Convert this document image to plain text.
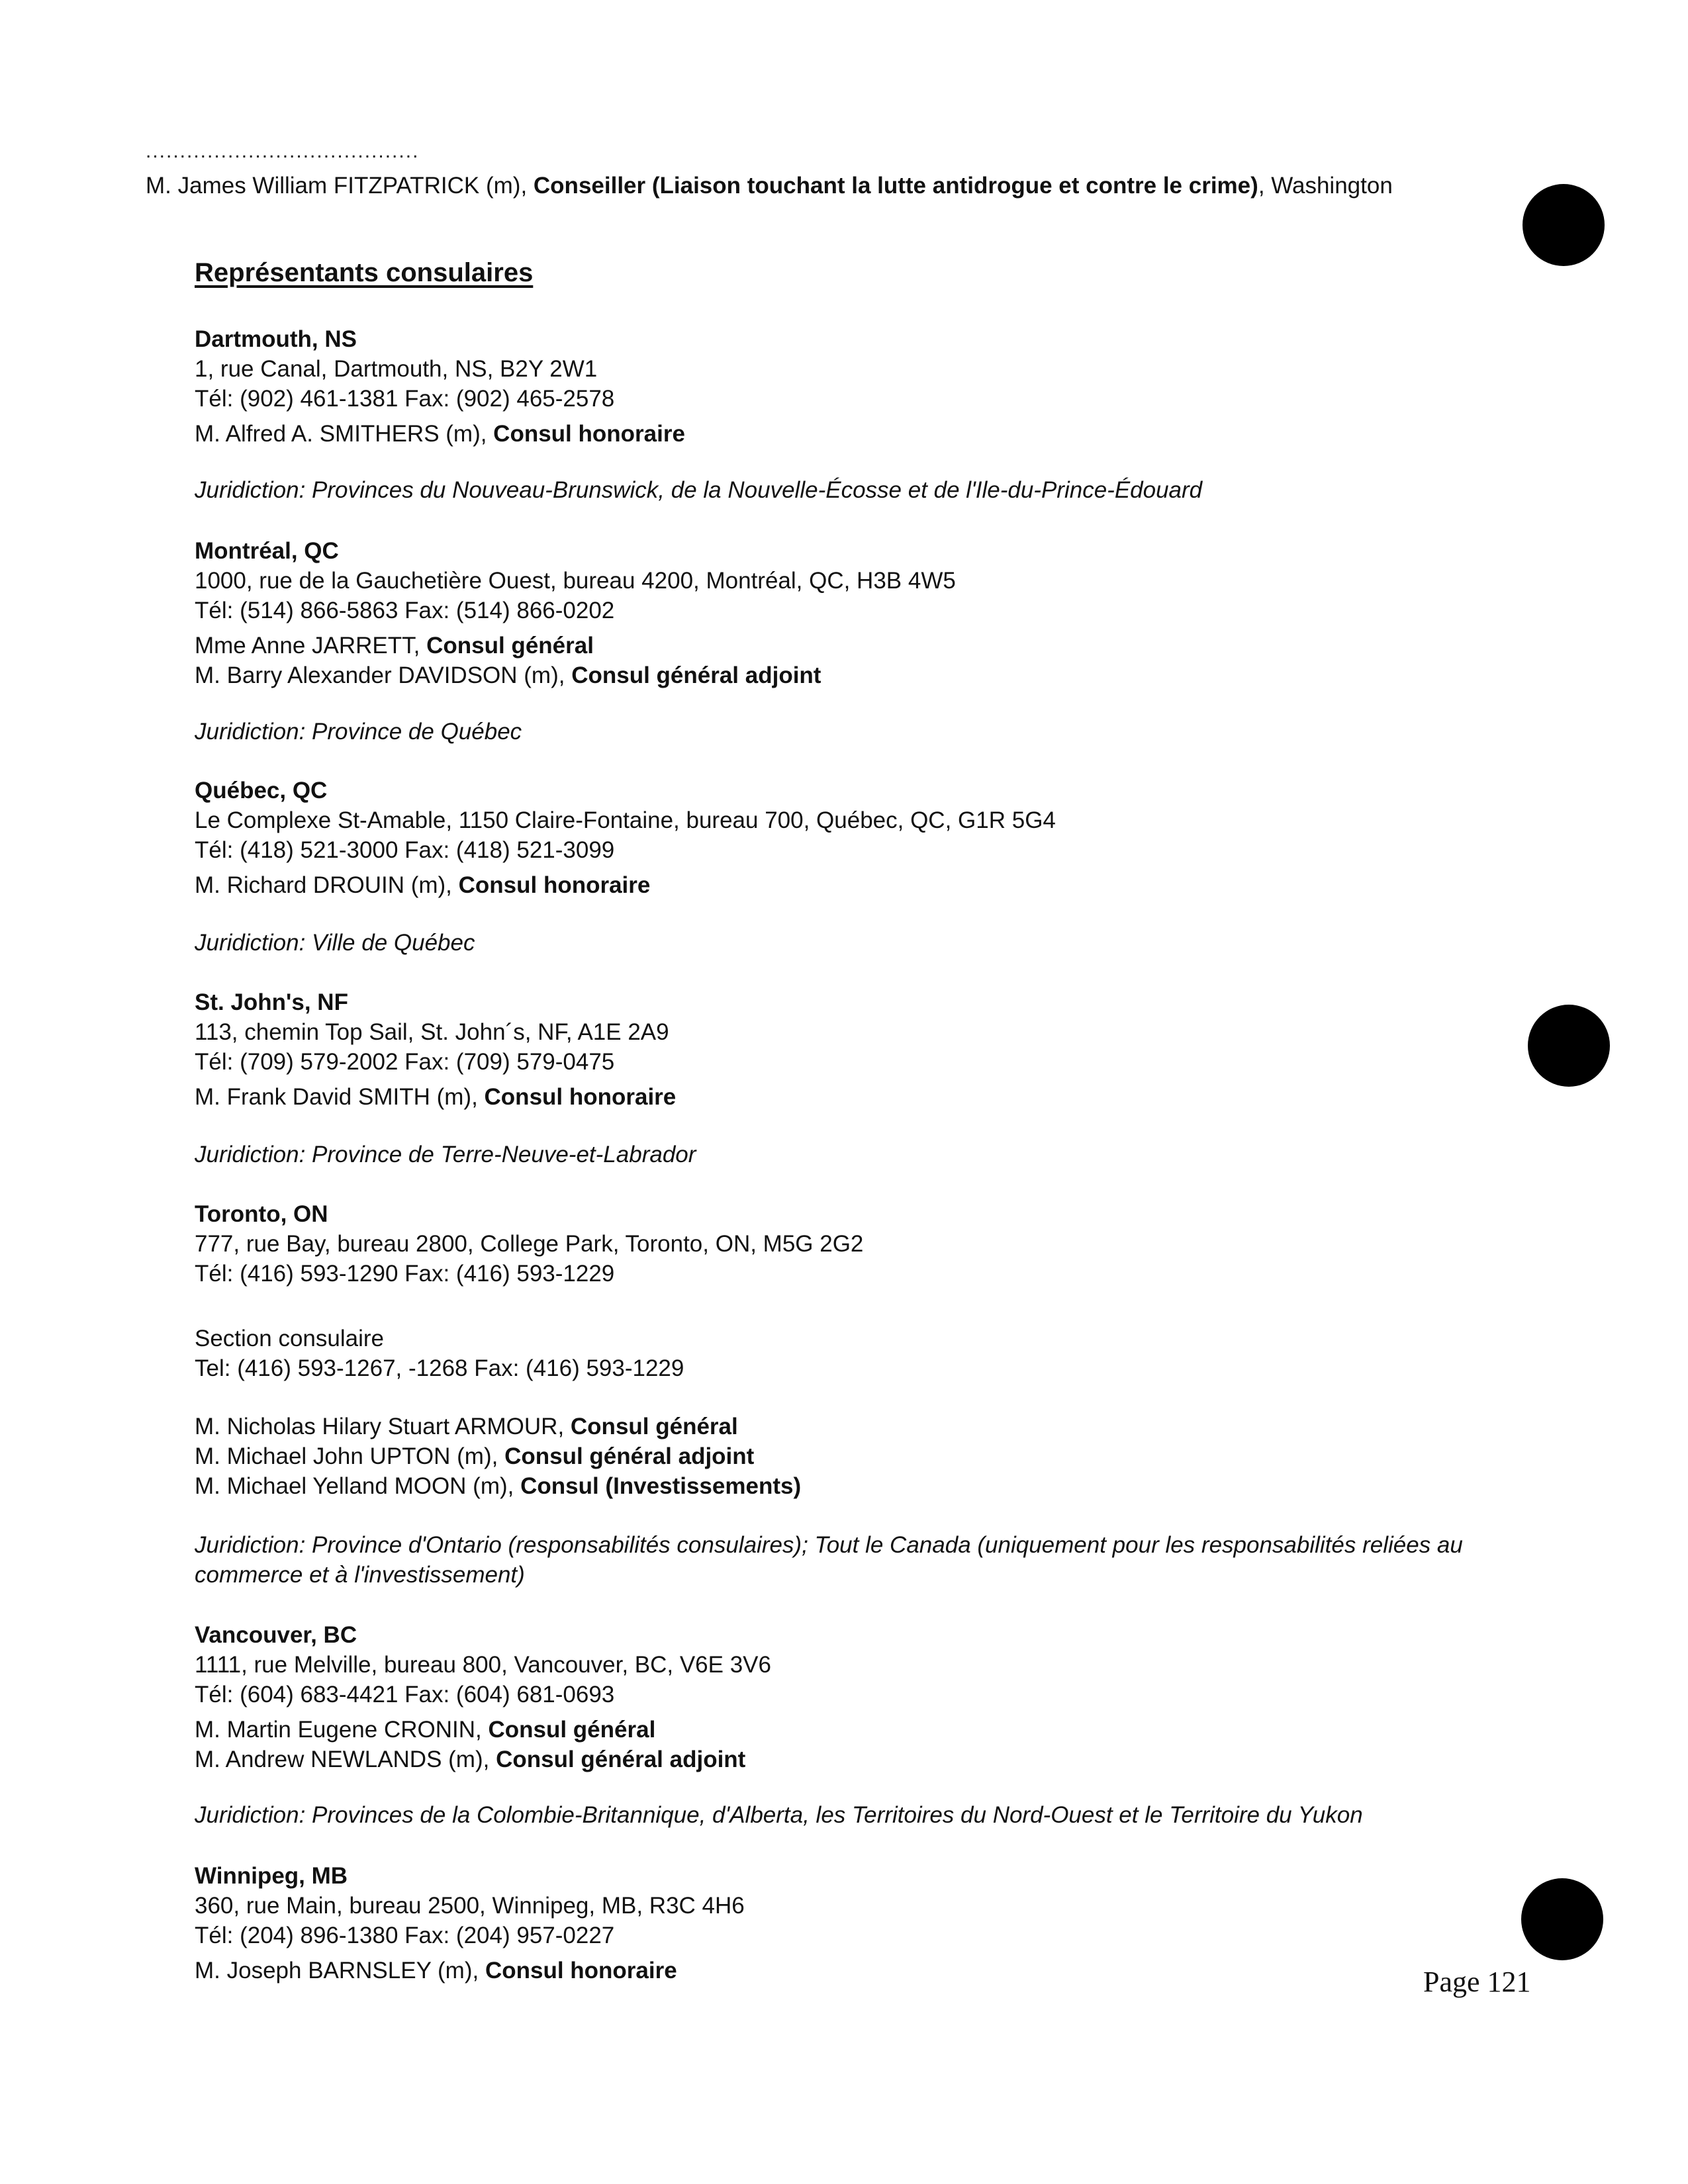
........................................
M. James William FITZPATRICK (m), Conseiller (Liaison touchant la lutte antidrogue et contre le crime), Washington
Représentants consulaires
Dartmouth, NS
1, rue Canal, Dartmouth, NS, B2Y 2W1
Tél: (902) 461-1381 Fax: (902) 465-2578
M. Alfred A. SMITHERS (m), Consul honoraire
Juridiction: Provinces du Nouveau-Brunswick, de la Nouvelle-Écosse et de l'Ile-du-Prince-Édouard
Montréal, QC
1000, rue de la Gauchetière Ouest, bureau 4200, Montréal, QC, H3B 4W5
Tél: (514) 866-5863 Fax: (514) 866-0202
Mme Anne JARRETT, Consul général
M. Barry Alexander DAVIDSON (m), Consul général adjoint
Juridiction: Province de Québec
Québec, QC
Le Complexe St-Amable, 1150 Claire-Fontaine, bureau 700, Québec, QC, G1R 5G4
Tél: (418) 521-3000 Fax: (418) 521-3099
M. Richard DROUIN (m), Consul honoraire
Juridiction: Ville de Québec
St. John's, NF
113, chemin Top Sail, St. John´s, NF, A1E 2A9
Tél: (709) 579-2002 Fax: (709) 579-0475
M. Frank David SMITH (m), Consul honoraire
Juridiction: Province de Terre-Neuve-et-Labrador
Toronto, ON
777, rue Bay, bureau 2800, College Park, Toronto, ON, M5G 2G2
Tél: (416) 593-1290 Fax: (416) 593-1229
Section consulaire
Tel: (416) 593-1267, -1268 Fax: (416) 593-1229
M. Nicholas Hilary Stuart ARMOUR, Consul général
M. Michael John UPTON (m), Consul général adjoint
M. Michael Yelland MOON (m), Consul (Investissements)
Juridiction: Province d'Ontario (responsabilités consulaires); Tout le Canada (uniquement pour les responsabilités reliées au commerce et à l'investissement)
Vancouver, BC
1111, rue Melville, bureau 800, Vancouver, BC, V6E 3V6
Tél: (604) 683-4421 Fax: (604) 681-0693
M. Martin Eugene CRONIN, Consul général
M. Andrew NEWLANDS (m), Consul général adjoint
Juridiction: Provinces de la Colombie-Britannique, d'Alberta, les Territoires du Nord-Ouest et le Territoire du Yukon
Winnipeg, MB
360, rue Main, bureau 2500, Winnipeg, MB, R3C 4H6
Tél: (204) 896-1380 Fax: (204) 957-0227
M. Joseph BARNSLEY (m), Consul honoraire	Page 121
